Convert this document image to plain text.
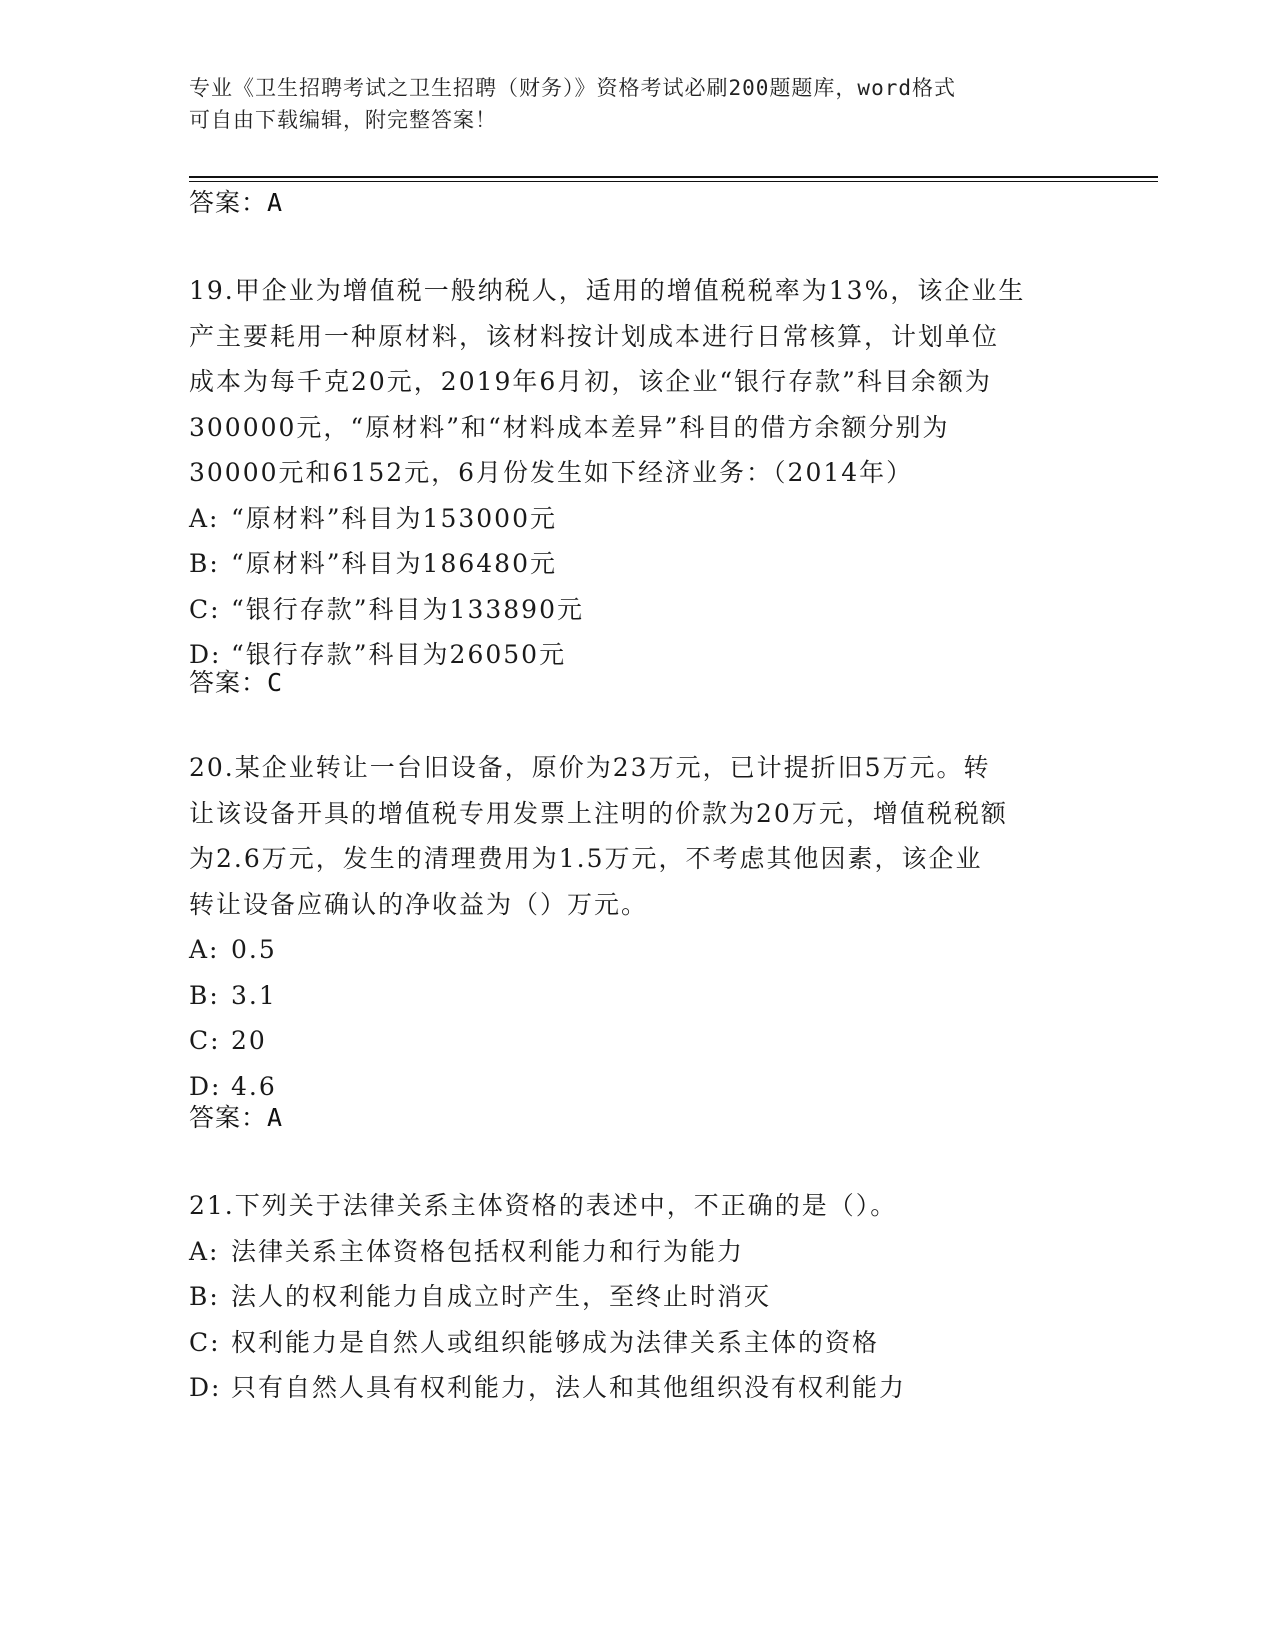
专业《卫生招聘考试之卫生招聘（财务）》资格考试必刷200题题库，word格式
可自由下载编辑，附完整答案！
答案：A
19.甲企业为增值税一般纳税人，适用的增值税税率为13%，该企业生
产主要耗用一种原材料，该材料按计划成本进行日常核算，计划单位
成本为每千克20元，2019年6月初，该企业“银行存款”科目余额为
300000元，“原材料”和“材料成本差异”科目的借方余额分别为
30000元和6152元，6月份发生如下经济业务：（2014年）
A: “原材料”科目为153000元
B: “原材料”科目为186480元
C: “银行存款”科目为133890元
D: “银行存款”科目为26050元
答案：C
20.某企业转让一台旧设备，原价为23万元，已计提折旧5万元。转
让该设备开具的增值税专用发票上注明的价款为20万元，增值税税额
为2.6万元，发生的清理费用为1.5万元，不考虑其他因素，该企业
转让设备应确认的净收益为（）万元。
A: 0.5
B: 3.1
C: 20
D: 4.6
答案：A
21.下列关于法律关系主体资格的表述中，不正确的是（）。
A: 法律关系主体资格包括权利能力和行为能力
B: 法人的权利能力自成立时产生，至终止时消灭
C: 权利能力是自然人或组织能够成为法律关系主体的资格
D: 只有自然人具有权利能力，法人和其他组织没有权利能力
